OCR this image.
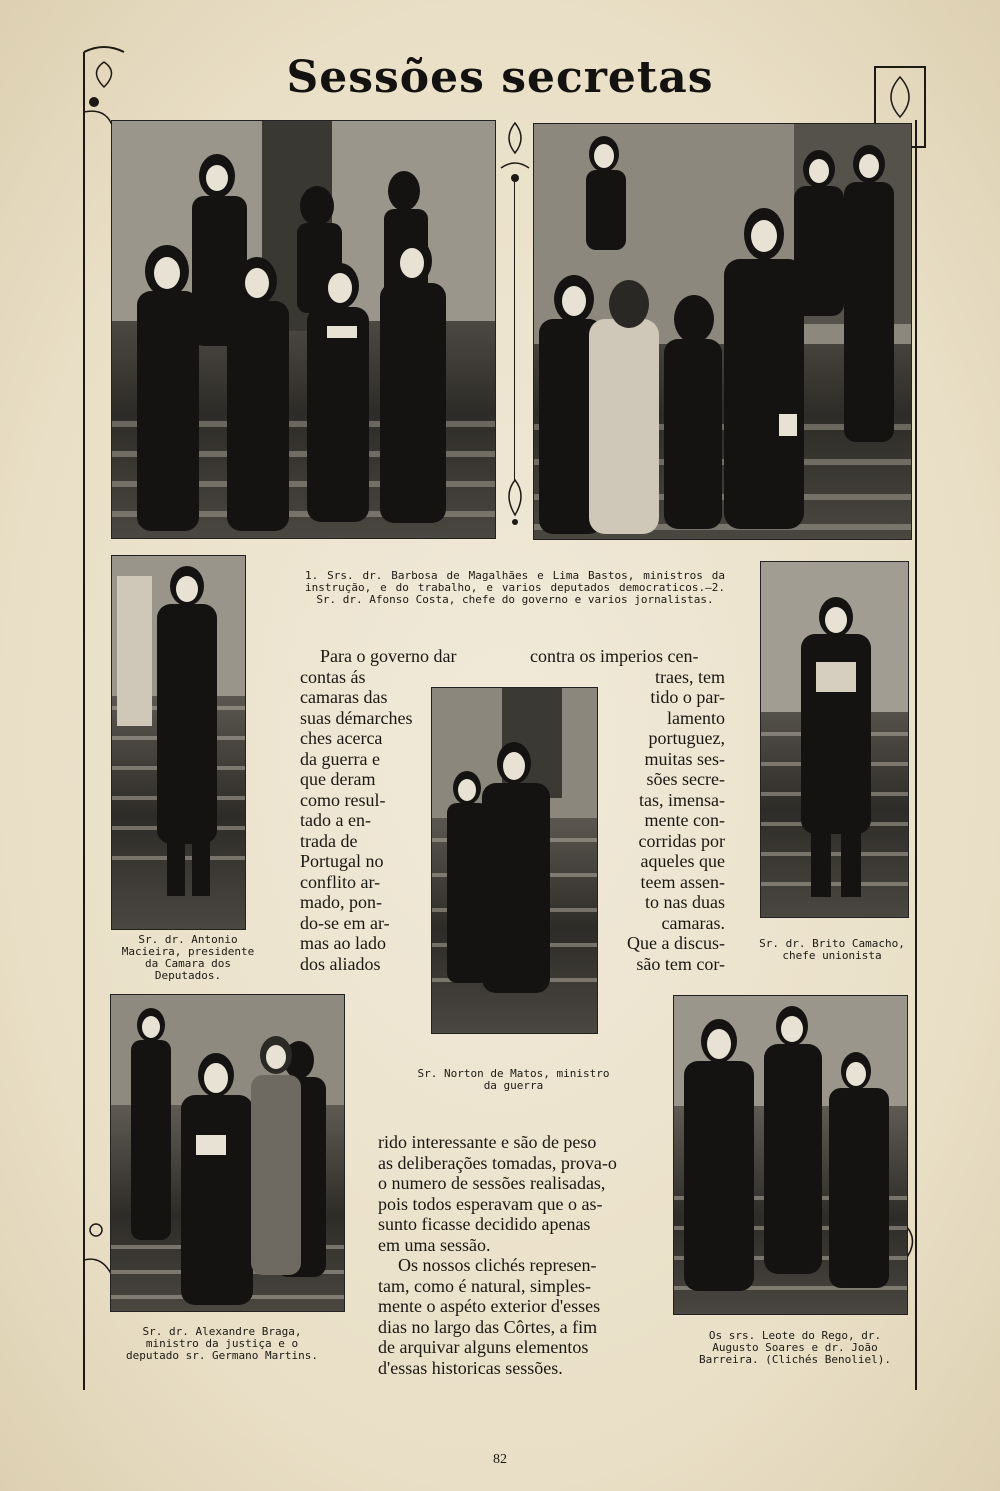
Sessões secretas
1. Srs. dr. Barbosa de Magalhães e Lima Bastos, ministros da instrução, e do trabalho, e varios deputados democraticos.—2. Sr. dr. Afonso Costa, chefe do governo e varios jornalistas.
Sr. dr. Antonio Macieira, presidente da Camara dos Deputados.
Sr. dr. Brito Camacho, chefe unionista
Sr. Norton de Matos, ministro da guerra
Sr. dr. Alexandre Braga, ministro da justiça e o deputado sr. Germano Martins.
Os srs. Leote do Rego, dr. Augusto Soares e dr. João Barreira. (Clichés Benoliel).
Para o governo dar
contas ás
camaras das
suas démarches
ches acerca
da guerra e
que deram
como resul-
tado a en-
trada de
Portugal no
conflito ar-
mado, pon-
do-se em ar-
mas ao lado
dos aliados
contra os imperios cen-
traes, tem
tido o par-
lamento
portuguez,
muitas ses-
sões secre-
tas, imensa-
mente con-
corridas por
aqueles que
teem assen-
to nas duas
camaras.
Que a discus-
são tem cor-
rido interessante e são de peso
as deliberações tomadas, prova-o
o numero de sessões realisadas,
pois todos esperavam que o as-
sunto ficasse decidido apenas
em uma sessão.
Os nossos clichés represen-
tam, como é natural, simples-
mente o aspéto exterior d'esses
dias no largo das Côrtes, a fim
de arquivar alguns elementos
d'essas historicas sessões.
82
